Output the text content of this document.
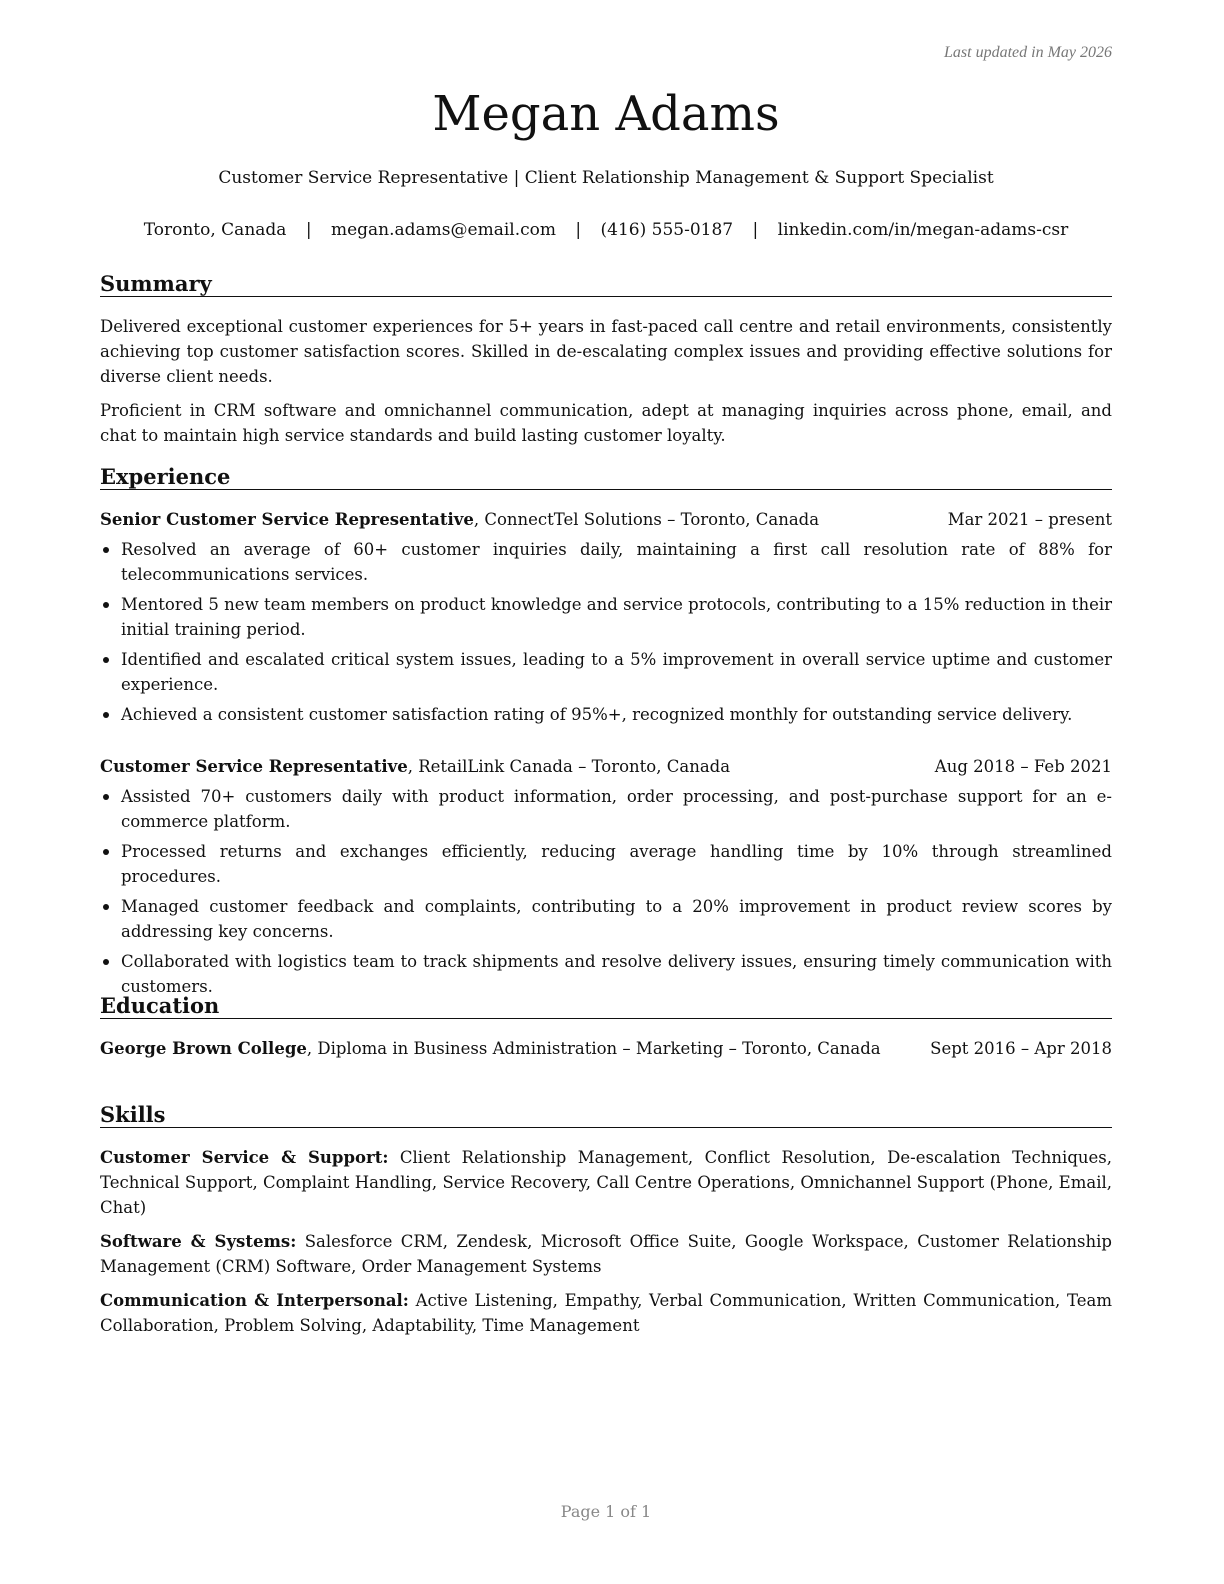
Last updated in May 2026
Megan Adams
Customer Service Representative | Client Relationship Management & Support Specialist
Toronto, Canada | megan.adams@email.com | (416) 555-0187 | linkedin.com/in/megan-adams-csr
Summary
Delivered exceptional customer experiences for 5+ years in fast-paced call centre and retail environments, consistently achieving top customer satisfaction scores. Skilled in de-escalating complex issues and providing effective solutions for diverse client needs.
Proficient in CRM software and omnichannel communication, adept at managing inquiries across phone, email, and chat to maintain high service standards and build lasting customer loyalty.
Experience
Senior Customer Service Representative, ConnectTel Solutions – Toronto, Canada	Mar 2021 – present
Resolved an average of 60+ customer inquiries daily, maintaining a first call resolution rate of 88% for telecommunications services.
Mentored 5 new team members on product knowledge and service protocols, contributing to a 15% reduction in their initial training period.
Identified and escalated critical system issues, leading to a 5% improvement in overall service uptime and customer experience.
Achieved a consistent customer satisfaction rating of 95%+, recognized monthly for outstanding service delivery.
Customer Service Representative, RetailLink Canada – Toronto, Canada	Aug 2018 – Feb 2021
Assisted 70+ customers daily with product information, order processing, and post-purchase support for an e-commerce platform.
Processed returns and exchanges efficiently, reducing average handling time by 10% through streamlined procedures.
Managed customer feedback and complaints, contributing to a 20% improvement in product review scores by addressing key concerns.
Collaborated with logistics team to track shipments and resolve delivery issues, ensuring timely communication with customers.
Education
George Brown College, Diploma in Business Administration – Marketing – Toronto, Canada	Sept 2016 – Apr 2018
Skills
Customer Service & Support: Client Relationship Management, Conflict Resolution, De-escalation Techniques, Technical Support, Complaint Handling, Service Recovery, Call Centre Operations, Omnichannel Support (Phone, Email, Chat)
Software & Systems: Salesforce CRM, Zendesk, Microsoft Office Suite, Google Workspace, Customer Relationship Management (CRM) Software, Order Management Systems
Communication & Interpersonal: Active Listening, Empathy, Verbal Communication, Written Communication, Team Collaboration, Problem Solving, Adaptability, Time Management
Page 1 of 1
